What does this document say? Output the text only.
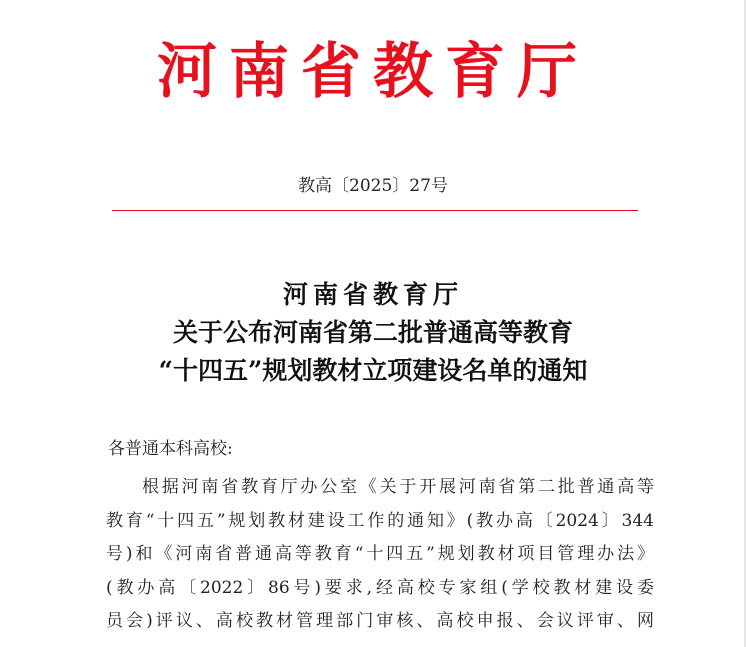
河南省教育厅
教高〔2025〕27号
河南省教育厅
关于公布河南省第二批普通高等教育
“十四五”规划教材立项建设名单的通知
各普通本科高校:
根据河南省教育厅办公室《关于开展河南省第二批普通高等
教育“十四五”规划教材建设工作的通知》(教办高〔2024〕344
号)和《河南省普通高等教育“十四五”规划教材项目管理办法》
(教办高〔2022〕86号)要求,经高校专家组(学校教材建设委
员会)评议、高校教材管理部门审核、高校申报、会议评审、网
